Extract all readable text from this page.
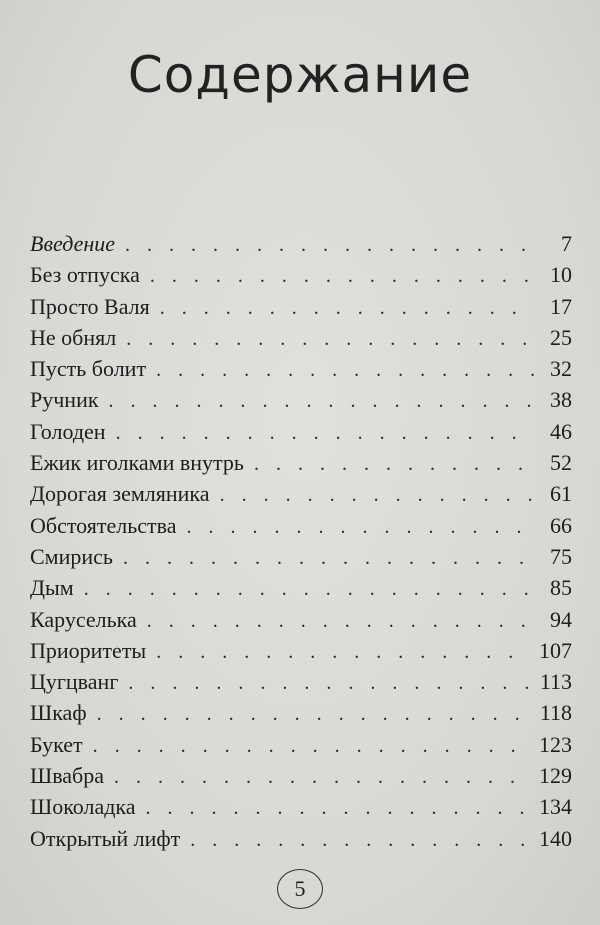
Содержание
Введение . . .	7
Без отпуска . . .	10
Просто Валя . . .	17
Не обнял . . .	25
Пусть болит . . .	32
Ручник . . .	38
Голоден . . .	46
Ежик иголками внутрь . . .	52
Дорогая земляника . . .	61
Обстоятельства . . .	66
Смирись . . .	75
Дым . . .	85
Каруселька . . .	94
Приоритеты . . .	107
Цугцванг . . .	113
Шкаф . . .	118
Букет . . .	123
Швабра . . .	129
Шоколадка . . .	134
Открытый лифт . . .	140
5
